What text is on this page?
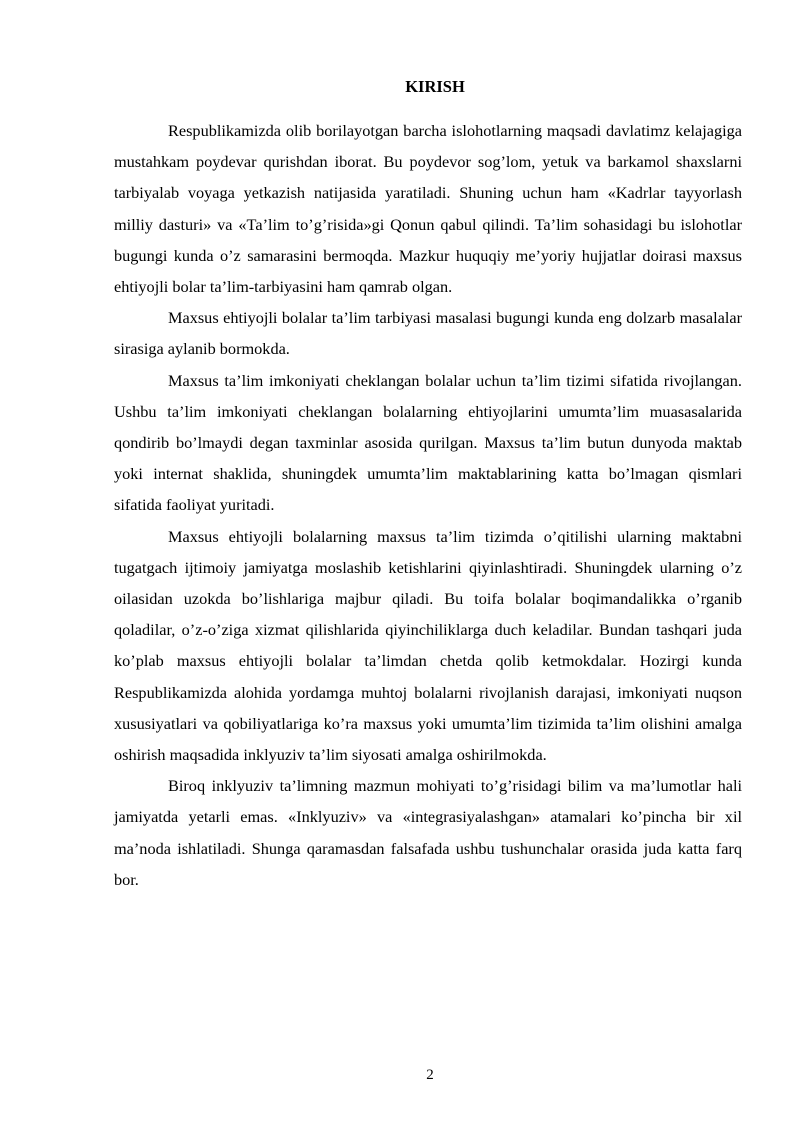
KIRISH

Respublikamizda olib borilayotgan barcha islohotlarning maqsadi davlatimz kelajagiga mustahkam poydevar qurishdan iborat. Bu poydevor sog’lom, yetuk va barkamol shaxslarni tarbiyalab voyaga yetkazish natijasida yaratiladi. Shuning uchun ham «Kadrlar tayyorlash milliy dasturi» va «Ta’lim to’g’risida»gi Qonun qabul qilindi. Ta’lim sohasidagi bu islohotlar bugungi kunda o’z samarasini bermoqda. Mazkur huquqiy me’yoriy hujjatlar doirasi maxsus ehtiyojli bolar ta’lim-tarbiyasini ham qamrab olgan.

Maxsus ehtiyojli bolalar ta’lim tarbiyasi masalasi bugungi kunda eng dolzarb masalalar sirasiga aylanib bormokda.

Maxsus ta’lim imkoniyati cheklangan bolalar uchun ta’lim tizimi sifatida rivojlangan. Ushbu ta’lim imkoniyati cheklangan bolalarning ehtiyojlarini umumta’lim muasasalarida qondirib bo’lmaydi degan taxminlar asosida qurilgan. Maxsus ta’lim butun dunyoda maktab yoki internat shaklida, shuningdek umumta’lim maktablarining katta bo’lmagan qismlari sifatida faoliyat yuritadi.

Maxsus ehtiyojli bolalarning maxsus ta’lim tizimda o’qitilishi ularning maktabni tugatgach ijtimoiy jamiyatga moslashib ketishlarini qiyinlashtiradi. Shuningdek ularning o’z oilasidan uzokda bo’lishlariga majbur qiladi. Bu toifa bolalar boqimandalikka o’rganib qoladilar, o’z-o’ziga xizmat qilishlarida qiyinchiliklarga duch keladilar. Bundan tashqari juda ko’plab maxsus ehtiyojli bolalar ta’limdan chetda qolib ketmokdalar. Hozirgi kunda Respublikamizda alohida yordamga muhtoj bolalarni rivojlanish darajasi, imkoniyati nuqson xususiyatlari va qobiliyatlariga ko’ra maxsus yoki umumta’lim tizimida ta’lim olishini amalga oshirish maqsadida inklyuziv ta’lim siyosati amalga oshirilmokda.

Biroq inklyuziv ta’limning mazmun mohiyati to’g’risidagi bilim va ma’lumotlar hali jamiyatda yetarli emas. «Inklyuziv» va «integrasiyalashgan» atamalari ko’pincha bir xil ma’noda ishlatiladi. Shunga qaramasdan falsafada ushbu tushunchalar orasida juda katta farq bor.

2
